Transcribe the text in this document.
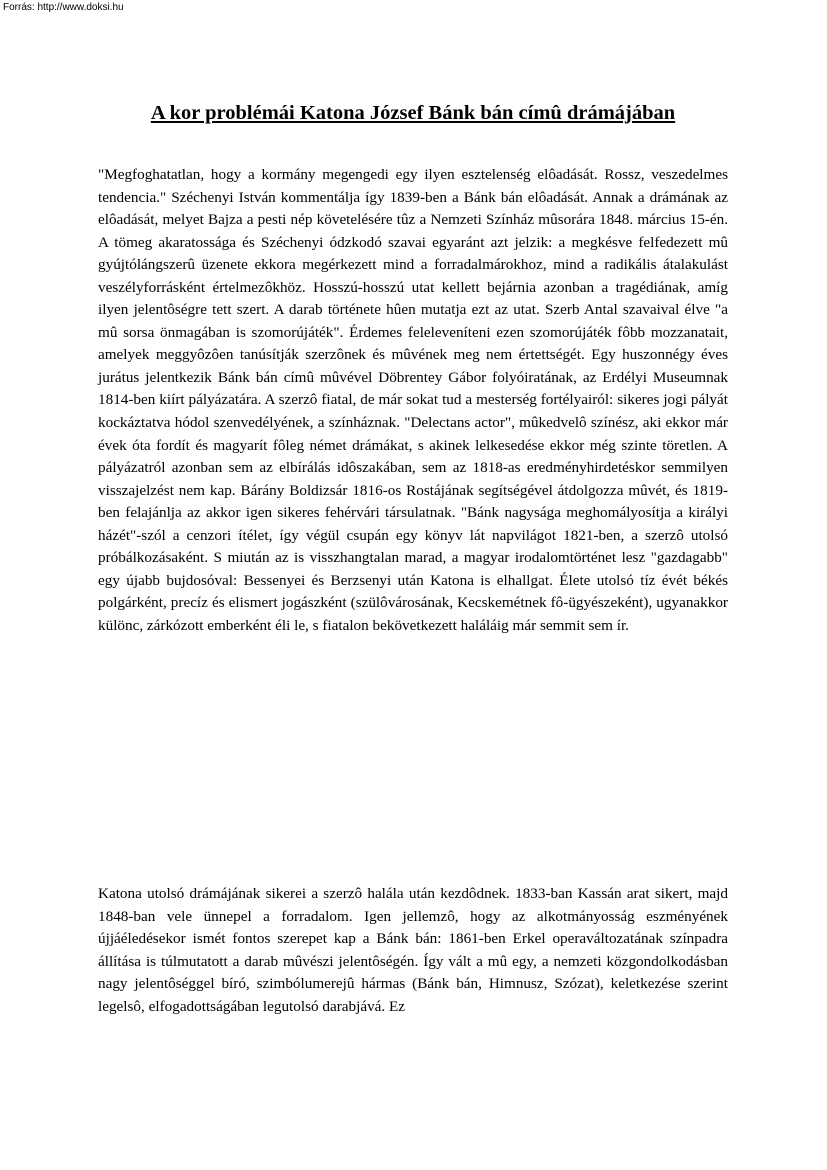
Forrás: http://www.doksi.hu
A kor problémái Katona József Bánk bán címû drámájában

"Megfoghatatlan, hogy a kormány megengedi egy ilyen esztelenség elôadását. Rossz, veszedelmes tendencia." Széchenyi István kommentálja így 1839-ben a Bánk bán elôadását. Annak a drámának az elôadását, melyet Bajza a pesti nép követelésére tûz a Nemzeti Színház mûsorára 1848. március 15-én. A tömeg akaratossága és Széchenyi ódzkodó szavai egyaránt azt jelzik: a megkésve felfedezett mû gyújtólángszerû üzenete ekkora megérkezett mind a forradalmárokhoz, mind a radikális átalakulást veszélyforrásként értelmezôkhöz. Hosszú-hosszú utat kellett bejárnia azonban a tragédiának, amíg ilyen jelentôségre tett szert. A darab története hûen mutatja ezt az utat. Szerb Antal szavaival élve "a mû sorsa önmagában is szomorújáték". Érdemes feleleveníteni ezen szomorújáték fôbb mozzanatait, amelyek meggyôzôen tanúsítják szerzônek és mûvének meg nem értettségét. Egy huszonnégy éves jurátus jelentkezik Bánk bán címû mûvével Döbrentey Gábor folyóiratának, az Erdélyi Museumnak 1814-ben kiírt pályázatára. A szerzô fiatal, de már sokat tud a mesterség fortélyairól: sikeres jogi pályát kockáztatva hódol szenvedélyének, a színháznak. "Delectans actor", mûkedvelô színész, aki ekkor már évek óta fordít és magyarít fôleg német drámákat, s akinek lelkesedése ekkor még szinte töretlen. A pályázatról azonban sem az elbírálás idôszakában, sem az 1818-as eredményhirdetéskor semmilyen visszajelzést nem kap. Bárány Boldizsár 1816-os Rostájának segítségével átdolgozza mûvét, és 1819-ben felajánlja az akkor igen sikeres fehérvári társulatnak. "Bánk nagysága meghomályosítja a királyi házét"-szól a cenzori ítélet, így végül csupán egy könyv lát napvilágot 1821-ben, a szerzô utolsó próbálkozásaként. S miután az is visszhangtalan marad, a magyar irodalomtörténet lesz "gazdagabb" egy újabb bujdosóval: Bessenyei és Berzsenyi után Katona is elhallgat. Élete utolsó tíz évét békés polgárként, precíz és elismert jogászként (szülôvárosának, Kecskemétnek fô-ügyészeként), ugyanakkor különc, zárkózott emberként éli le, s fiatalon bekövetkezett haláláig már semmit sem ír.

Katona utolsó drámájának sikerei a szerzô halála után kezdôdnek. 1833-ban Kassán arat sikert, majd 1848-ban vele ünnepel a forradalom. Igen jellemzô, hogy az alkotmányosság eszményének újjáéledésekor ismét fontos szerepet kap a Bánk bán: 1861-ben Erkel operaváltozatának színpadra állítása is túlmutatott a darab mûvészi jelentôségén. Így vált a mû egy, a nemzeti közgondolkodásban nagy jelentôséggel bíró, szimbólumerejû hármas (Bánk bán, Himnusz, Szózat), keletkezése szerint legelsô, elfogadottságában legutolsó darabjává. Ez
